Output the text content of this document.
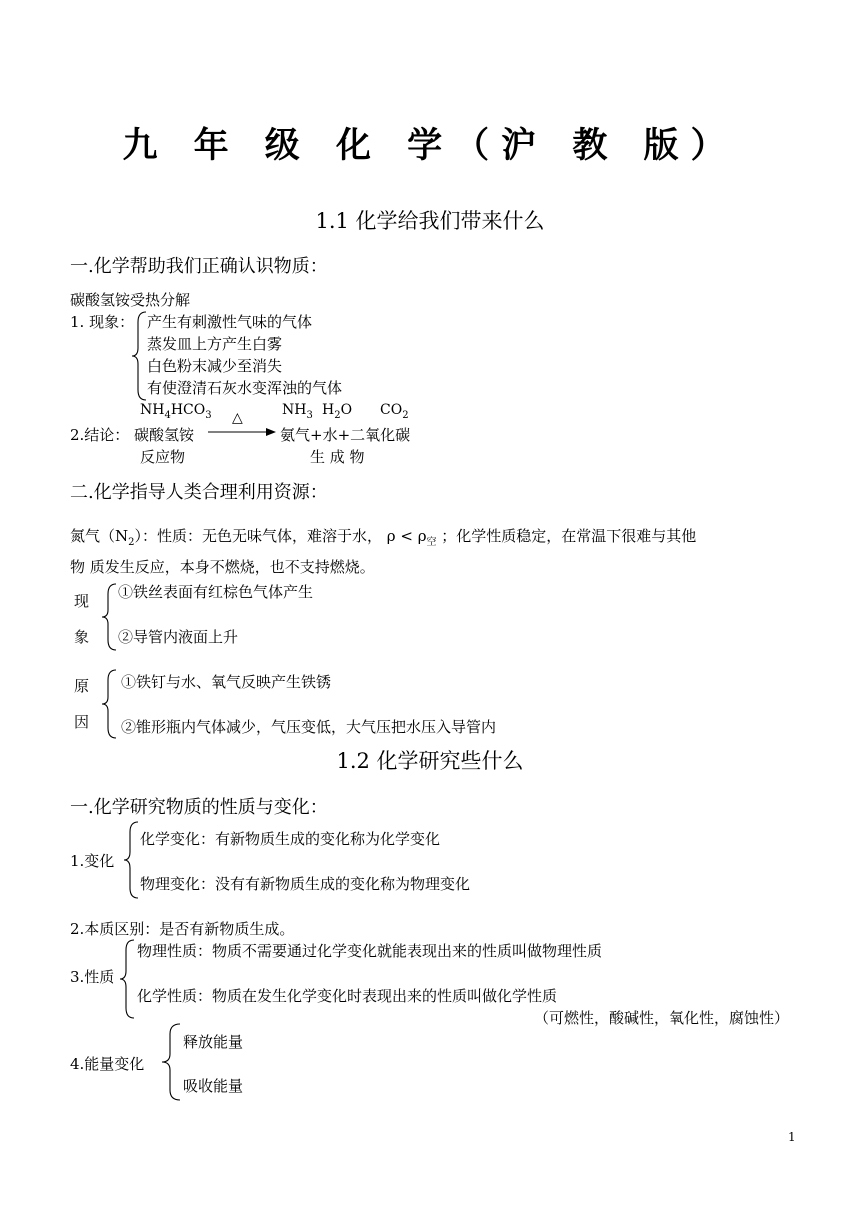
九 年 级 化 学（沪 教 版）
1.1 化学给我们带来什么
一.化学帮助我们正确认识物质：
碳酸氢铵受热分解
1. 现象： 产生有刺激性气味的气体
蒸发皿上方产生白雾
白色粉末减少至消失
有使澄清石灰水变浑浊的气体
$NH_4HCO_3$	$NH_3$ $H_2O$ $CO_2$
△
2.结论： 碳酸氢铵	氨气+水+二氧化碳
反应物	生 成 物
二.化学指导人类合理利用资源：
氮气$(N_2)$：性质：无色无味气体，难溶于水， $\rho < \rho_空$ ；化学性质稳定，在常温下很难与其他
物 质发生反应，本身不燃烧，也不支持燃烧。
现
象
①铁丝表面有红棕色气体产生
②导管内液面上升
原
因
①铁钉与水、氧气反映产生铁锈
②锥形瓶内气体减少，气压变低，大气压把水压入导管内
1.2 化学研究些什么
一.化学研究物质的性质与变化：
1.变化
化学变化：有新物质生成的变化称为化学变化
物理变化：没有有新物质生成的变化称为物理变化
2.本质区别：是否有新物质生成。
3.性质
物理性质：物质不需要通过化学变化就能表现出来的性质叫做物理性质
化学性质：物质在发生化学变化时表现出来的性质叫做化学性质
（可燃性，酸碱性，氧化性，腐蚀性）
4.能量变化
释放能量
吸收能量
1
